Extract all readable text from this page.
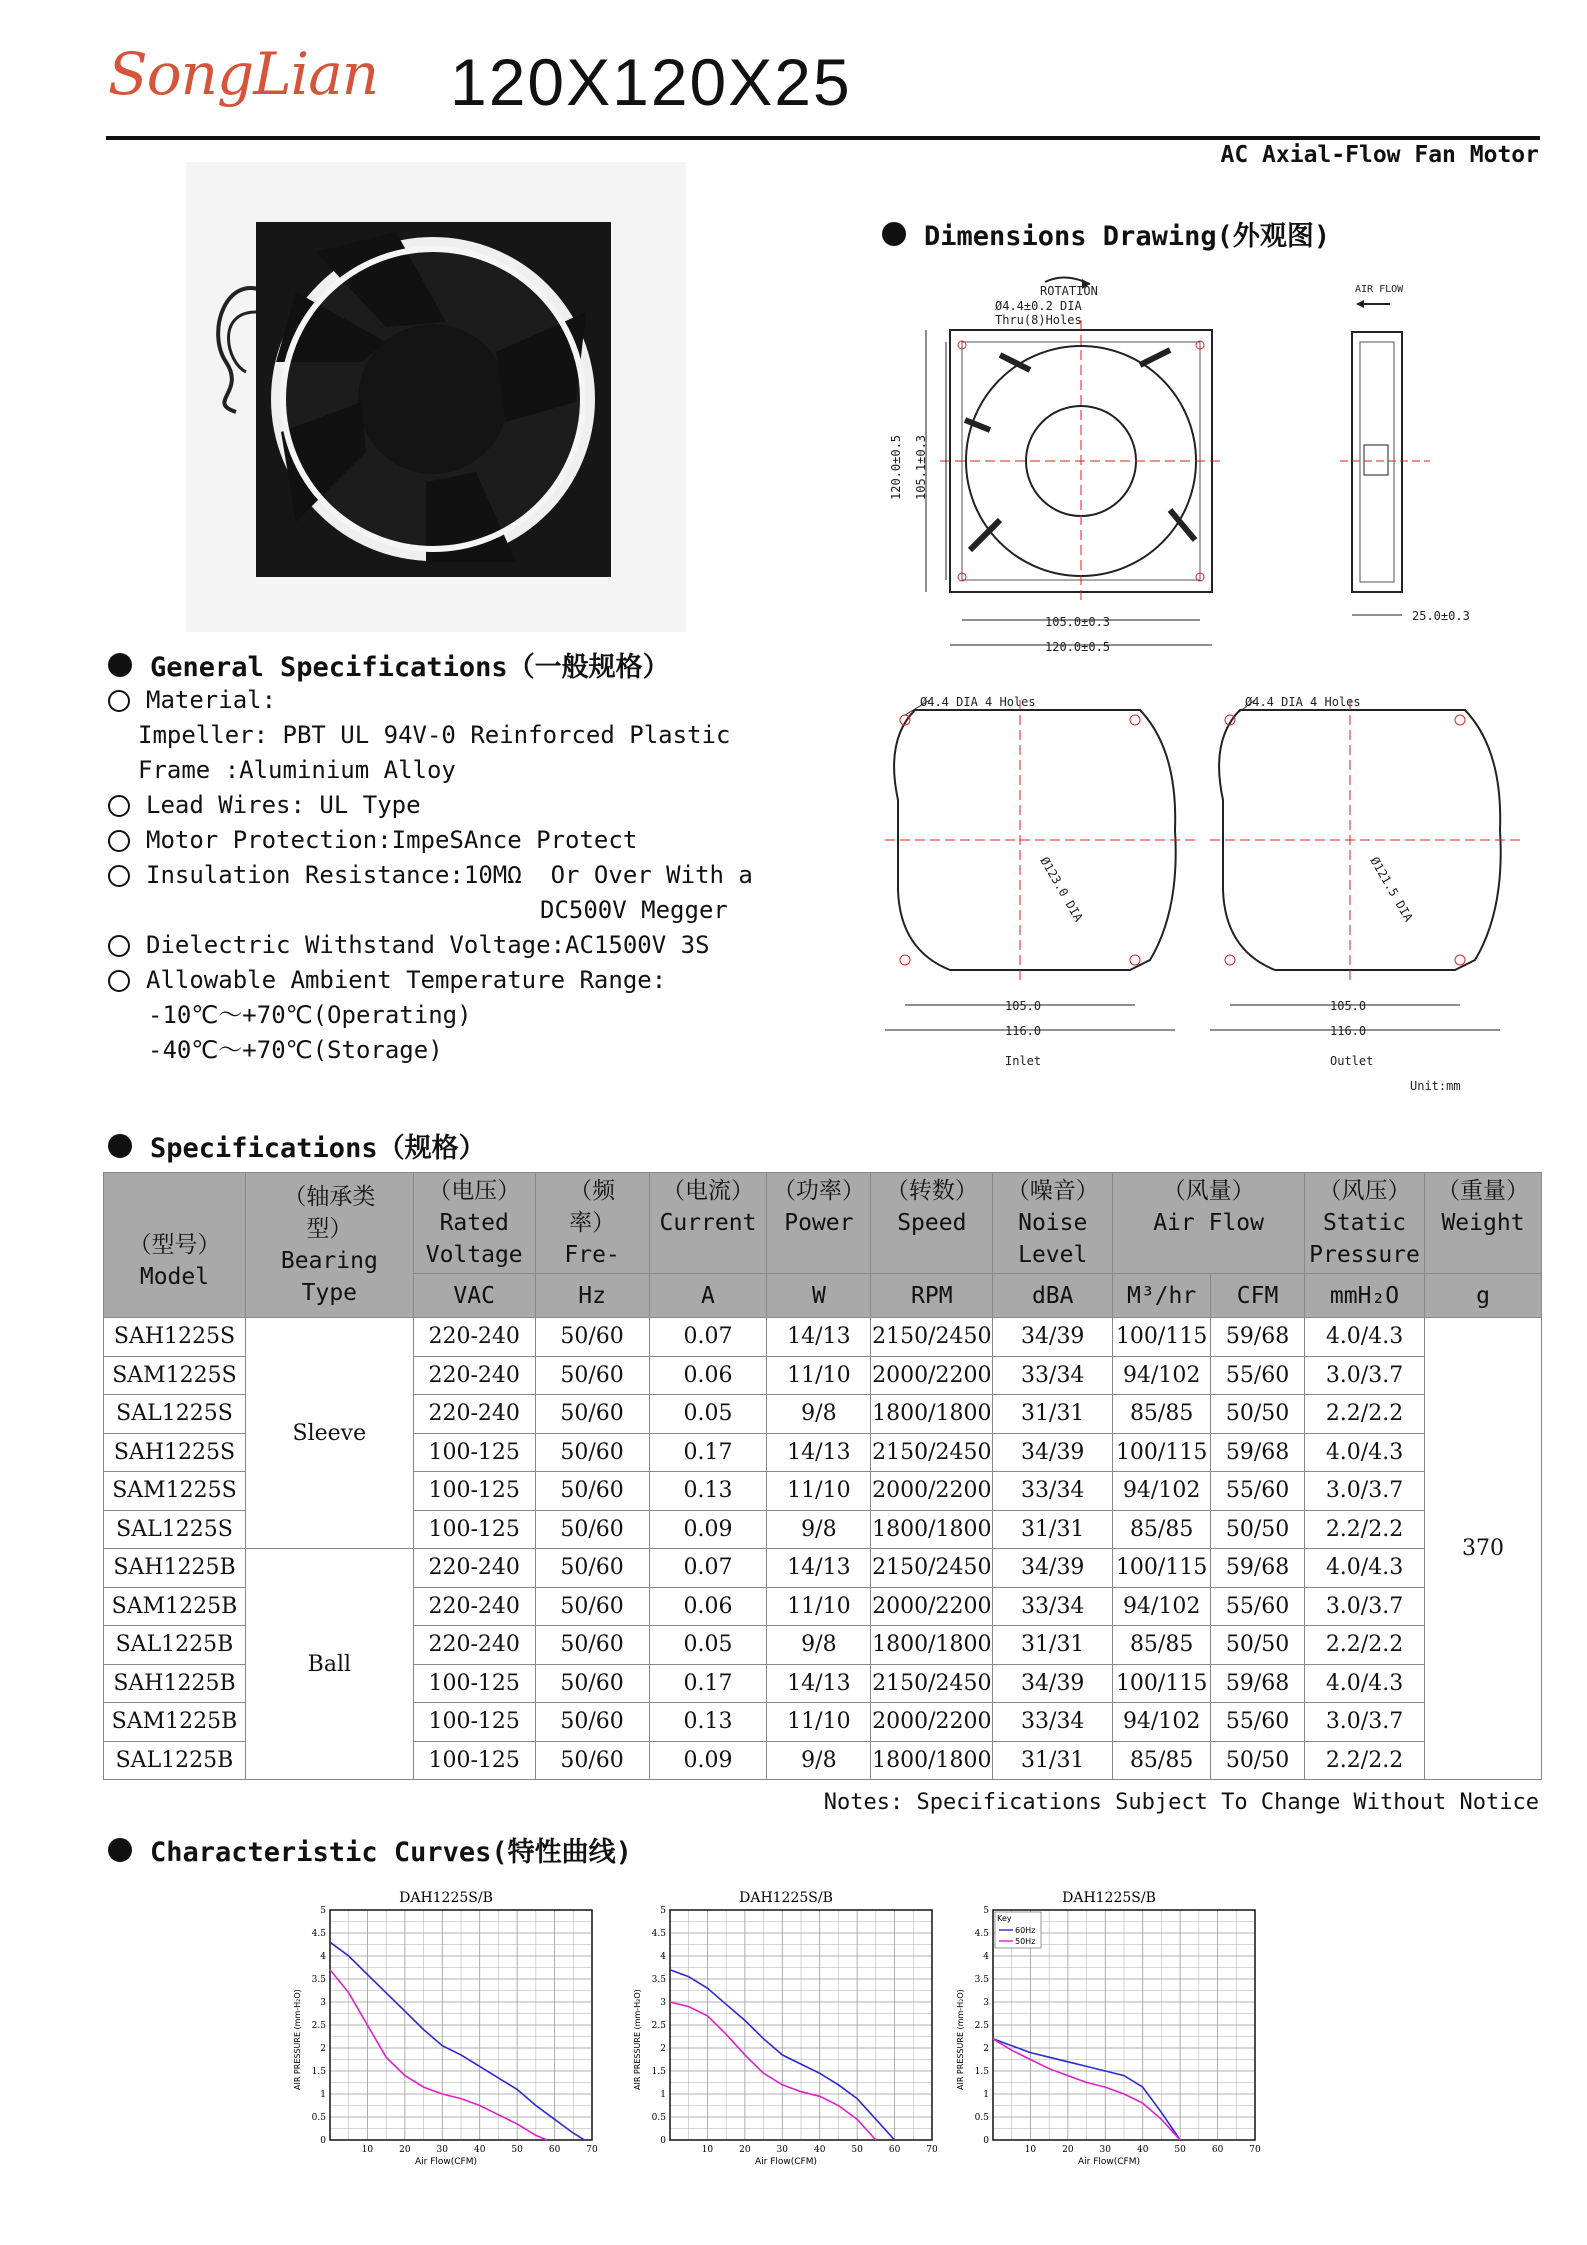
SongLian 120X120X25
AC Axial-Flow Fan Motor
Dimensions Drawing(外观图)
ROTATION
Ø4.4±0.2 DIA
Thru(8)Holes
120.0±0.5 105.1±0.3
105.0±0.3
120.0±0.5
AIR FLOW
25.0±0.3
Ø4.4 DIA 4 Holes
Ø123.0 DIA
105.0
116.0
Inlet
Ø4.4 DIA 4 Holes
Ø121.5 DIA
105.0
116.0
Outlet
Unit:mm
General Specifications（一般规格）
Material:
Impeller: PBT UL 94V-0 Reinforced Plastic
Frame :Aluminium Alloy
Lead Wires: UL Type
Motor Protection:ImpeSAnce Protect
Insulation Resistance:10MΩ  Or Over With a
DC500V Megger
Dielectric Withstand Voltage:AC1500V 3S
Allowable Ambient Temperature Range:
-10℃～+70℃(Operating)
-40℃～+70℃(Storage)
Specifications（规格）

（型号）
Model	（轴承类
型）
Bearing
Type	（电压）
Rated
Voltage	（频
率）
Fre-	（电流）
Current	（功率）
Power	（转数）
Speed	（噪音）
Noise
Level	（风量）
Air Flow		（风压）
Static
Pressure	（重量）
Weight

		VAC	Hz	A	W	RPM	dBA	M³/hr	CFM	mmH₂O	g
SAH1225S	Sleeve	220-240	50/60	0.07	14/13	2150/2450	34/39	100/115	59/68	4.0/4.3	370
SAM1225S		220-240	50/60	0.06	11/10	2000/2200	33/34	94/102	55/60	3.0/3.7	
SAL1225S		220-240	50/60	0.05	9/8	1800/1800	31/31	85/85	50/50	2.2/2.2	
SAH1225S		100-125	50/60	0.17	14/13	2150/2450	34/39	100/115	59/68	4.0/4.3	
SAM1225S		100-125	50/60	0.13	11/10	2000/2200	33/34	94/102	55/60	3.0/3.7	
SAL1225S		100-125	50/60	0.09	9/8	1800/1800	31/31	85/85	50/50	2.2/2.2	
SAH1225B	Ball	220-240	50/60	0.07	14/13	2150/2450	34/39	100/115	59/68	4.0/4.3	
SAM1225B		220-240	50/60	0.06	11/10	2000/2200	33/34	94/102	55/60	3.0/3.7	
SAL1225B		220-240	50/60	0.05	9/8	1800/1800	31/31	85/85	50/50	2.2/2.2	
SAH1225B		100-125	50/60	0.17	14/13	2150/2450	34/39	100/115	59/68	4.0/4.3	
SAM1225B		100-125	50/60	0.13	11/10	2000/2200	33/34	94/102	55/60	3.0/3.7	
SAL1225B		100-125	50/60	0.09	9/8	1800/1800	31/31	85/85	50/50	2.2/2.2	
Notes: Specifications Subject To Change Without Notice
Characteristic Curves(特性曲线)
DAH1225S/B
0
0.5
1
1.5
2
2.5
3
3.5
4
4.5
5
10	20	30	40	50	60	70
Air Flow(CFM)
AIR PRESSURE (mm-H₂O)
DAH1225S/B
0
0.5
1
1.5
2
2.5
3
3.5
4
4.5
5
10	20	30	40	50	60	70
Air Flow(CFM)
AIR PRESSURE (mm-H₂O)
DAH1225S/B
0
0.5
1
1.5
2
2.5
3
3.5
4
4.5
5
10	20	30	40	50	60	70
Air Flow(CFM)
AIR PRESSURE (mm-H₂O)
Key
60Hz
50Hz
